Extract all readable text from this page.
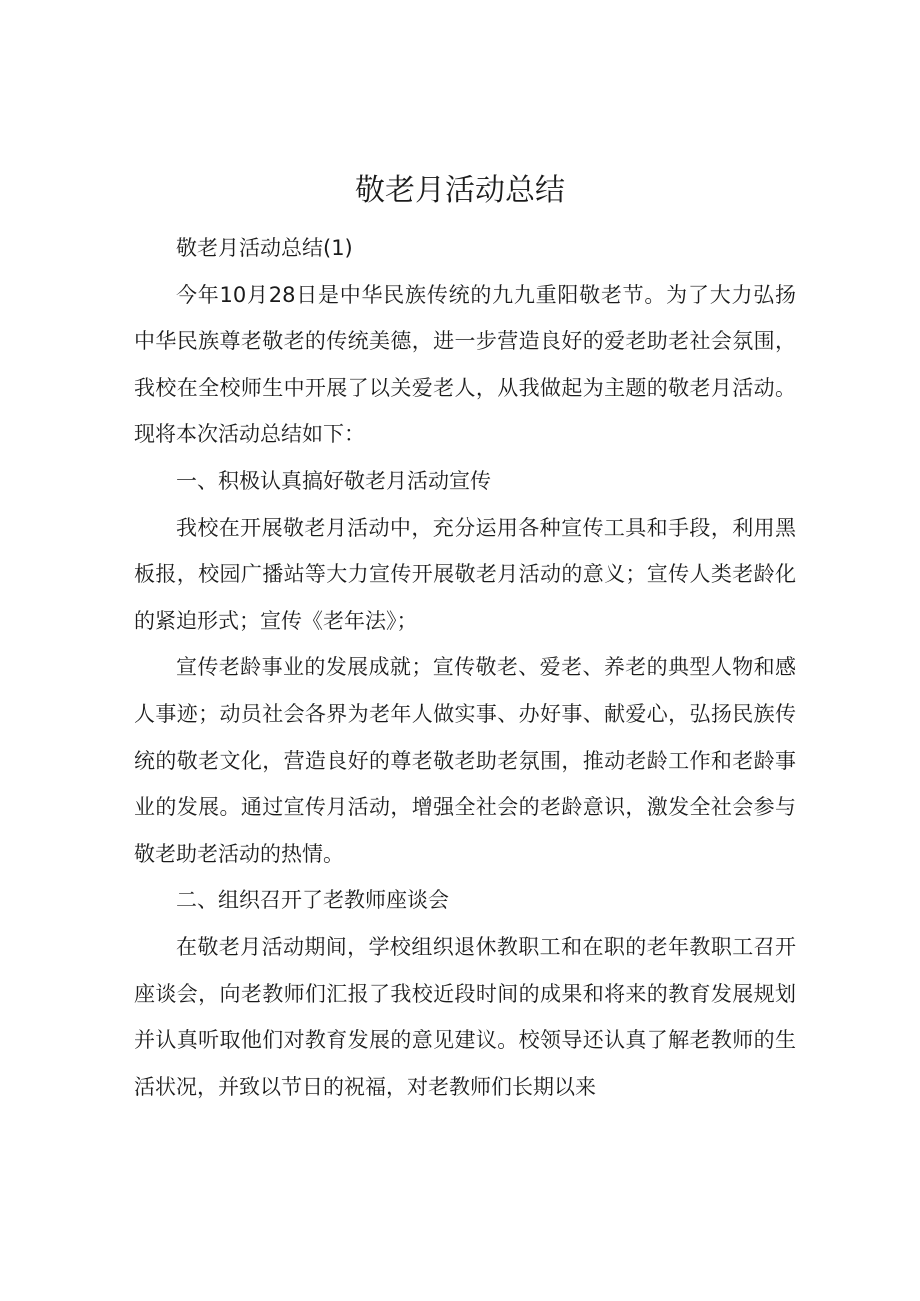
敬老月活动总结

敬老月活动总结(1)

今年10月28日是中华民族传统的九九重阳敬老节。为了大力弘扬中华民族尊老敬老的传统美德，进一步营造良好的爱老助老社会氛围，我校在全校师生中开展了以关爱老人，从我做起为主题的敬老月活动。现将本次活动总结如下：

一、积极认真搞好敬老月活动宣传

我校在开展敬老月活动中，充分运用各种宣传工具和手段，利用黑板报，校园广播站等大力宣传开展敬老月活动的意义；宣传人类老龄化的紧迫形式；宣传《老年法》；

宣传老龄事业的发展成就；宣传敬老、爱老、养老的典型人物和感人事迹；动员社会各界为老年人做实事、办好事、献爱心，弘扬民族传统的敬老文化，营造良好的尊老敬老助老氛围，推动老龄工作和老龄事业的发展。通过宣传月活动，增强全社会的老龄意识，激发全社会参与敬老助老活动的热情。

二、组织召开了老教师座谈会

在敬老月活动期间，学校组织退休教职工和在职的老年教职工召开座谈会，向老教师们汇报了我校近段时间的成果和将来的教育发展规划并认真听取他们对教育发展的意见建议。校领导还认真了解老教师的生活状况，并致以节日的祝福，对老教师们长期以来
